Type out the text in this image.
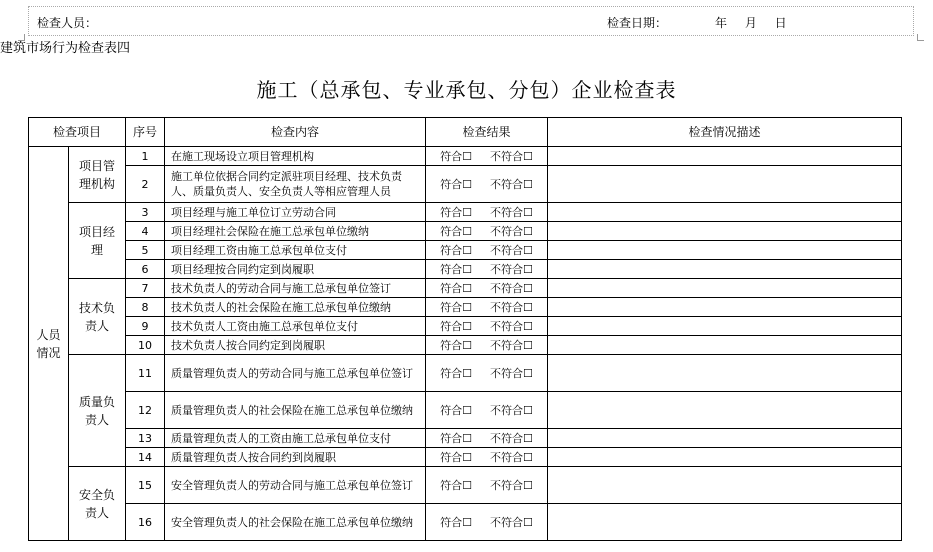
检查人员：	检查日期：	年 月 日
建筑市场行为检查表四
施工（总承包、专业承包、分包）企业检查表
检查项目		序号	检查内容	检查结果	检查情况描述
人员情况	项目管理机构	1	在施工现场设立项目管理机构	符合☐ 不符合☐	
		2	施工单位依据合同约定派驻项目经理、技术负责人、质量负责人、安全负责人等相应管理人员	符合☐ 不符合☐	
	项目经理	3	项目经理与施工单位订立劳动合同	符合☐ 不符合☐	
		4	项目经理社会保险在施工总承包单位缴纳	符合☐ 不符合☐	
		5	项目经理工资由施工总承包单位支付	符合☐ 不符合☐	
		6	项目经理按合同约定到岗履职	符合☐ 不符合☐	
	技术负责人	7	技术负责人的劳动合同与施工总承包单位签订	符合☐ 不符合☐	
		8	技术负责人的社会保险在施工总承包单位缴纳	符合☐ 不符合☐	
		9	技术负责人工资由施工总承包单位支付	符合☐ 不符合☐	
		10	技术负责人按合同约定到岗履职	符合☐ 不符合☐	
	质量负责人	11	质量管理负责人的劳动合同与施工总承包单位签订	符合☐ 不符合☐	
		12	质量管理负责人的社会保险在施工总承包单位缴纳	符合☐ 不符合☐	
		13	质量管理负责人的工资由施工总承包单位支付	符合☐ 不符合☐	
		14	质量管理负责人按合同约到岗履职	符合☐ 不符合☐	
	安全负责人	15	安全管理负责人的劳动合同与施工总承包单位签订	符合☐ 不符合☐	
		16	安全管理负责人的社会保险在施工总承包单位缴纳	符合☐ 不符合☐	
